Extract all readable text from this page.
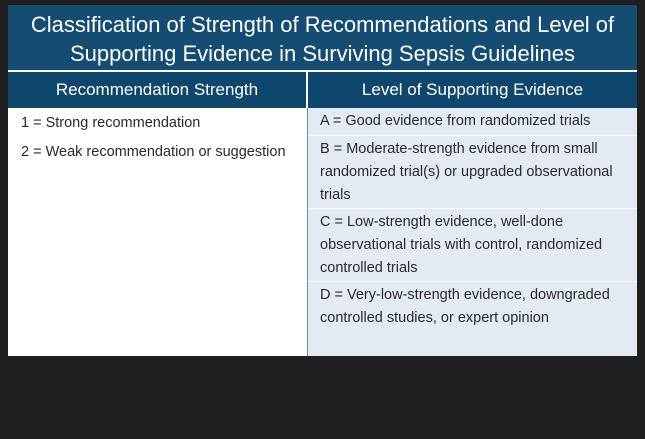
Classification of Strength of Recommendations and Level of
Supporting Evidence in Surviving Sepsis Guidelines
Recommendation Strength	Level of Supporting Evidence
1 = Strong recommendation
2 = Weak recommendation or suggestion
A = Good evidence from randomized trials
B = Moderate-strength evidence from small randomized trial(s) or upgraded observational trials
C = Low-strength evidence, well-done observational trials with control, randomized controlled trials
D = Very-low-strength evidence, downgraded controlled studies, or expert opinion
